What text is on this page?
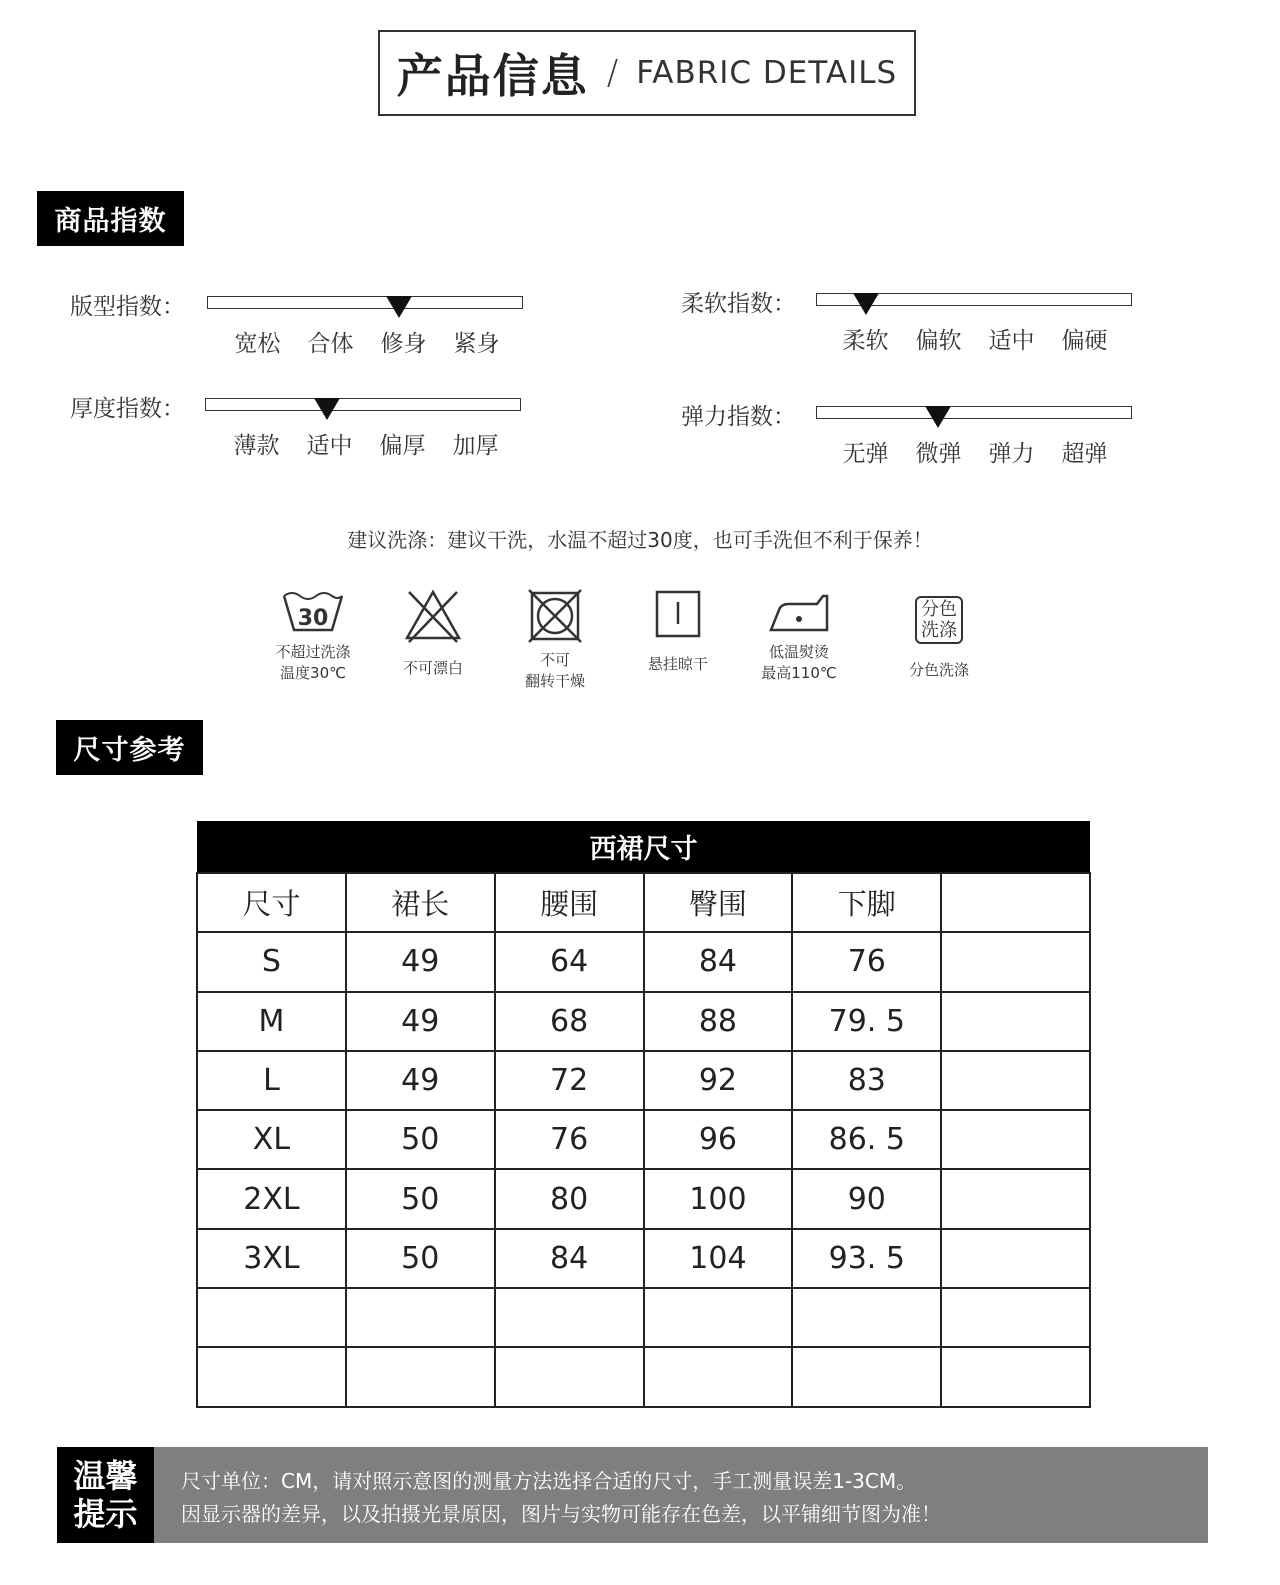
产品信息 / FABRIC DETAILS
商品指数
版型指数：
宽松	合体	修身	紧身
柔软指数：
柔软	偏软	适中	偏硬
厚度指数：
薄款	适中	偏厚	加厚
弹力指数：
无弹	微弹	弹力	超弹
建议洗涤：建议干洗，水温不超过30度，也可手洗但不利于保养！
30
不超过洗涤
温度30℃	不可漂白	不可
翻转干燥
悬挂晾干
低温熨烫
最高110℃
分色
洗涤
分色洗涤
尺寸参考
西裙尺寸					
尺寸	裙长	腰围	臀围	下脚	
S	49	64	84	76	
M	49	68	88	79. 5	
L	49	72	92	83	
XL	50	76	96	86. 5	
2XL	50	80	100	90	
3XL	50	84	104	93. 5	

温馨
提示
尺寸单位：CM，请对照示意图的测量方法选择合适的尺寸，手工测量误差1-3CM。
因显示器的差异，以及拍摄光景原因，图片与实物可能存在色差，以平铺细节图为准！
